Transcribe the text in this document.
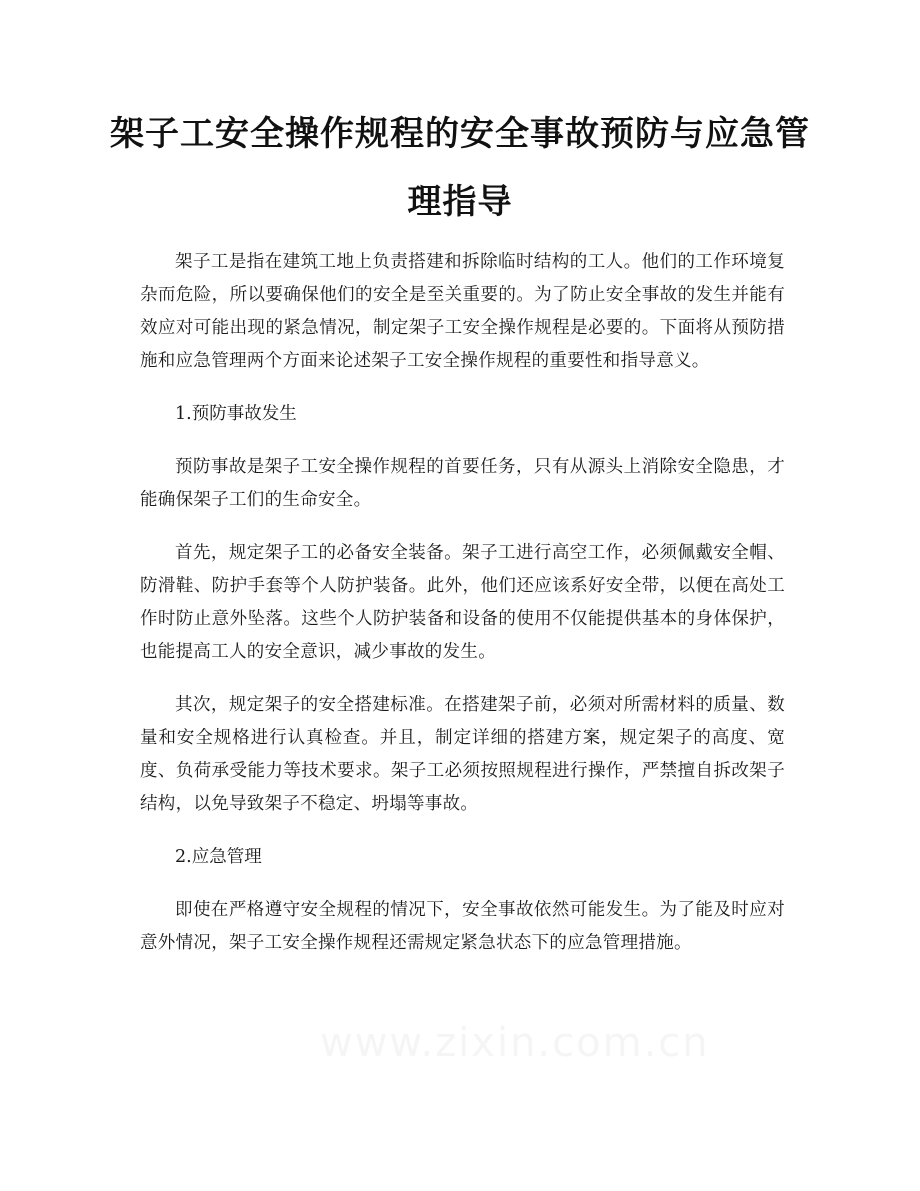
架子工安全操作规程的安全事故预防与应急管理指导

架子工是指在建筑工地上负责搭建和拆除临时结构的工人。他们的工作环境复杂而危险，所以要确保他们的安全是至关重要的。为了防止安全事故的发生并能有效应对可能出现的紧急情况，制定架子工安全操作规程是必要的。下面将从预防措施和应急管理两个方面来论述架子工安全操作规程的重要性和指导意义。

1.预防事故发生

预防事故是架子工安全操作规程的首要任务，只有从源头上消除安全隐患，才能确保架子工们的生命安全。

首先，规定架子工的必备安全装备。架子工进行高空工作，必须佩戴安全帽、防滑鞋、防护手套等个人防护装备。此外，他们还应该系好安全带，以便在高处工作时防止意外坠落。这些个人防护装备和设备的使用不仅能提供基本的身体保护，也能提高工人的安全意识，减少事故的发生。

其次，规定架子的安全搭建标准。在搭建架子前，必须对所需材料的质量、数量和安全规格进行认真检查。并且，制定详细的搭建方案，规定架子的高度、宽度、负荷承受能力等技术要求。架子工必须按照规程进行操作，严禁擅自拆改架子结构，以免导致架子不稳定、坍塌等事故。

2.应急管理

即使在严格遵守安全规程的情况下，安全事故依然可能发生。为了能及时应对意外情况，架子工安全操作规程还需规定紧急状态下的应急管理措施。

www.zixin.com.cn
